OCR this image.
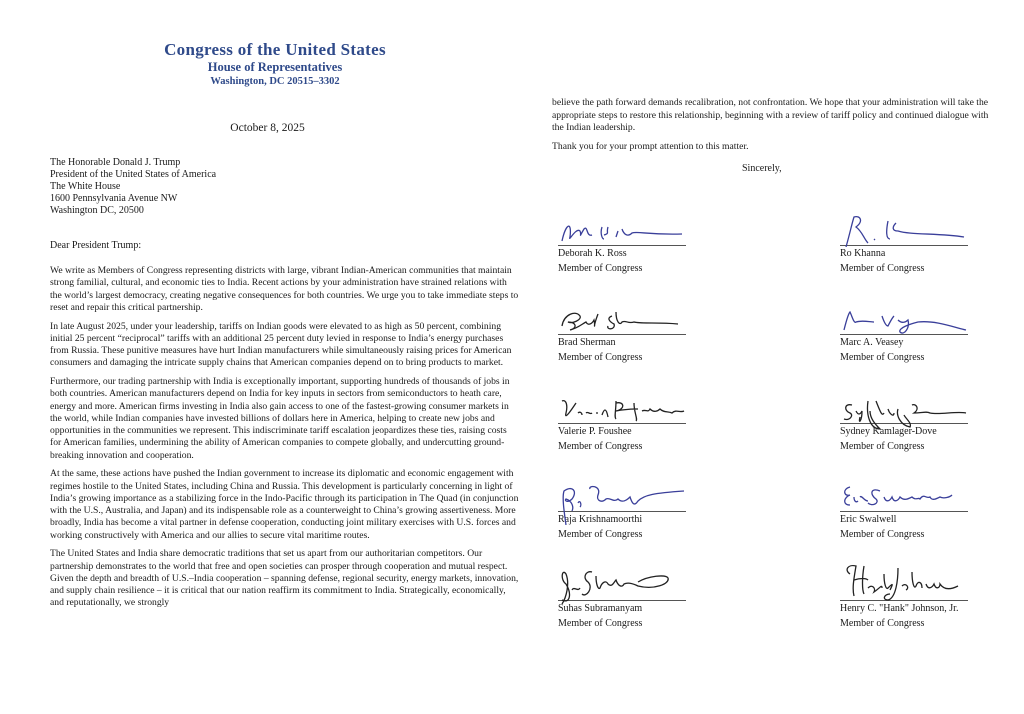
Congress of the United States
House of Representatives
Washington, DC 20515–3302
October 8, 2025
The Honorable Donald J. Trump
President of the United States of America
The White House
1600 Pennsylvania Avenue NW
Washington DC, 20500
Dear President Trump:

We write as Members of Congress representing districts with large, vibrant Indian-American communities that maintain strong familial, cultural, and economic ties to India. Recent actions by your administration have strained relations with the world’s largest democracy, creating negative consequences for both countries. We urge you to take immediate steps to reset and repair this critical partnership.

In late August 2025, under your leadership, tariffs on Indian goods were elevated to as high as 50 percent, combining initial 25 percent “reciprocal” tariffs with an additional 25 percent duty levied in response to India’s energy purchases from Russia. These punitive measures have hurt Indian manufacturers while simultaneously raising prices for American consumers and damaging the intricate supply chains that American companies depend on to bring products to market.

Furthermore, our trading partnership with India is exceptionally important, supporting hundreds of thousands of jobs in both countries. American manufacturers depend on India for key inputs in sectors from semiconductors to heath care, energy and more. American firms investing in India also gain access to one of the fastest-growing consumer markets in the world, while Indian companies have invested billions of dollars here in America, helping to create new jobs and opportunities in the communities we represent. This indiscriminate tariff escalation jeopardizes these ties, raising costs for American families, undermining the ability of American companies to compete globally, and undercutting ground-breaking innovation and cooperation.

At the same, these actions have pushed the Indian government to increase its diplomatic and economic engagement with regimes hostile to the United States, including China and Russia. This development is particularly concerning in light of India’s growing importance as a stabilizing force in the Indo-Pacific through its participation in The Quad (in conjunction with the U.S., Australia, and Japan) and its indispensable role as a counterweight to China’s growing assertiveness. More broadly, India has become a vital partner in defense cooperation, conducting joint military exercises with U.S. forces and working constructively with America and our allies to secure vital maritime routes.

The United States and India share democratic traditions that set us apart from our authoritarian competitors. Our partnership demonstrates to the world that free and open societies can prosper through cooperation and mutual respect. Given the depth and breadth of U.S.–India cooperation – spanning defense, regional security, energy markets, innovation, and supply chain resilience – it is critical that our nation reaffirm its commitment to India. Strategically, economically, and reputationally, we strongly

believe the path forward demands recalibration, not confrontation. We hope that your administration will take the appropriate steps to restore this relationship, beginning with a review of tariff policy and continued dialogue with the Indian leadership.

Thank you for your prompt attention to this matter.

Sincerely,
Deborah K. Ross
Member of Congress
Ro Khanna
Member of Congress
Brad Sherman
Member of Congress
Marc A. Veasey
Member of Congress
Valerie P. Foushee
Member of Congress
Sydney Kamlager-Dove
Member of Congress
Raja Krishnamoorthi
Member of Congress
Eric Swalwell
Member of Congress
Suhas Subramanyam
Member of Congress
Henry C. "Hank" Johnson, Jr.
Member of Congress
